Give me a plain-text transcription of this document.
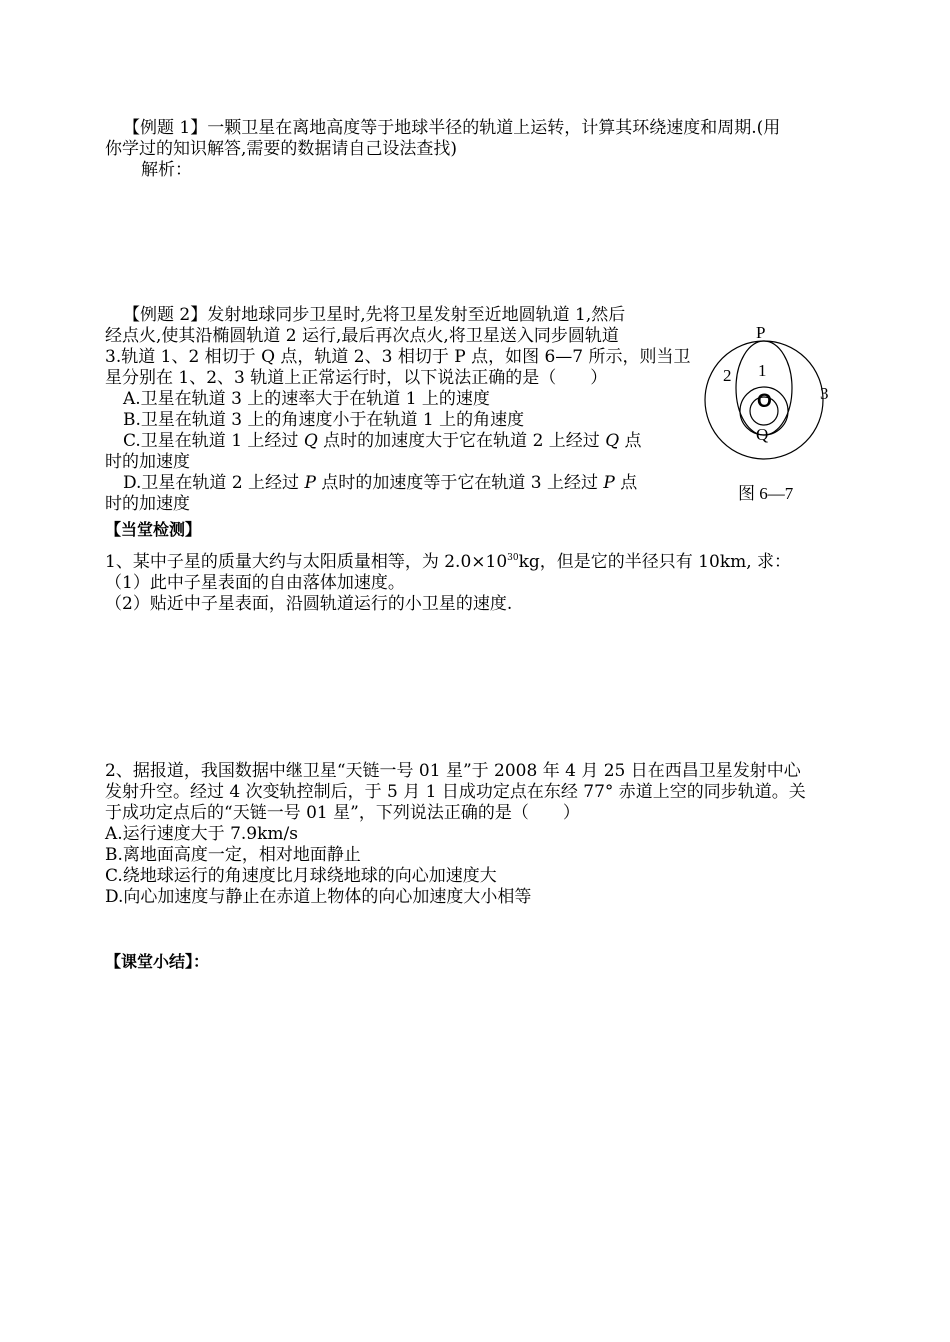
【例题 1】一颗卫星在离地高度等于地球半径的轨道上运转，计算其环绕速度和周期.(用
你学过的知识解答,需要的数据请自己设法查找)
解析：
【例题 2】发射地球同步卫星时,先将卫星发射至近地圆轨道 1,然后
经点火,使其沿椭圆轨道 2 运行,最后再次点火,将卫星送入同步圆轨道
3.轨道 1、2 相切于 Q 点，轨道 2、3 相切于 P 点，如图 6—7 所示，则当卫
星分别在 1、2、3 轨道上正常运行时，以下说法正确的是（　　）
A.卫星在轨道 3 上的速率大于在轨道 1 上的速度
B.卫星在轨道 3 上的角速度小于在轨道 1 上的角速度
C.卫星在轨道 1 上经过 Q 点时的加速度大于它在轨道 2 上经过 Q 点
时的加速度
D.卫星在轨道 2 上经过 P 点时的加速度等于它在轨道 3 上经过 P 点
时的加速度
P
1
2
3
O
Q
图 6—7
【当堂检测】
1、某中子星的质量大约与太阳质量相等，为 $2.0\times 10^{30}kg$，但是它的半径只有 10km, 求：
（1）此中子星表面的自由落体加速度。
（2）贴近中子星表面，沿圆轨道运行的小卫星的速度.
2、据报道，我国数据中继卫星“天链一号 01 星”于 2008 年 4 月 25 日在西昌卫星发射中心
发射升空。经过 4 次变轨控制后，于 5 月 1 日成功定点在东经 77° 赤道上空的同步轨道。关
于成功定点后的“天链一号 01 星”，下列说法正确的是（　　）
A.运行速度大于 7.9km/s
B.离地面高度一定，相对地面静止
C.绕地球运行的角速度比月球绕地球的向心加速度大
D.向心加速度与静止在赤道上物体的向心加速度大小相等
【课堂小结】：
